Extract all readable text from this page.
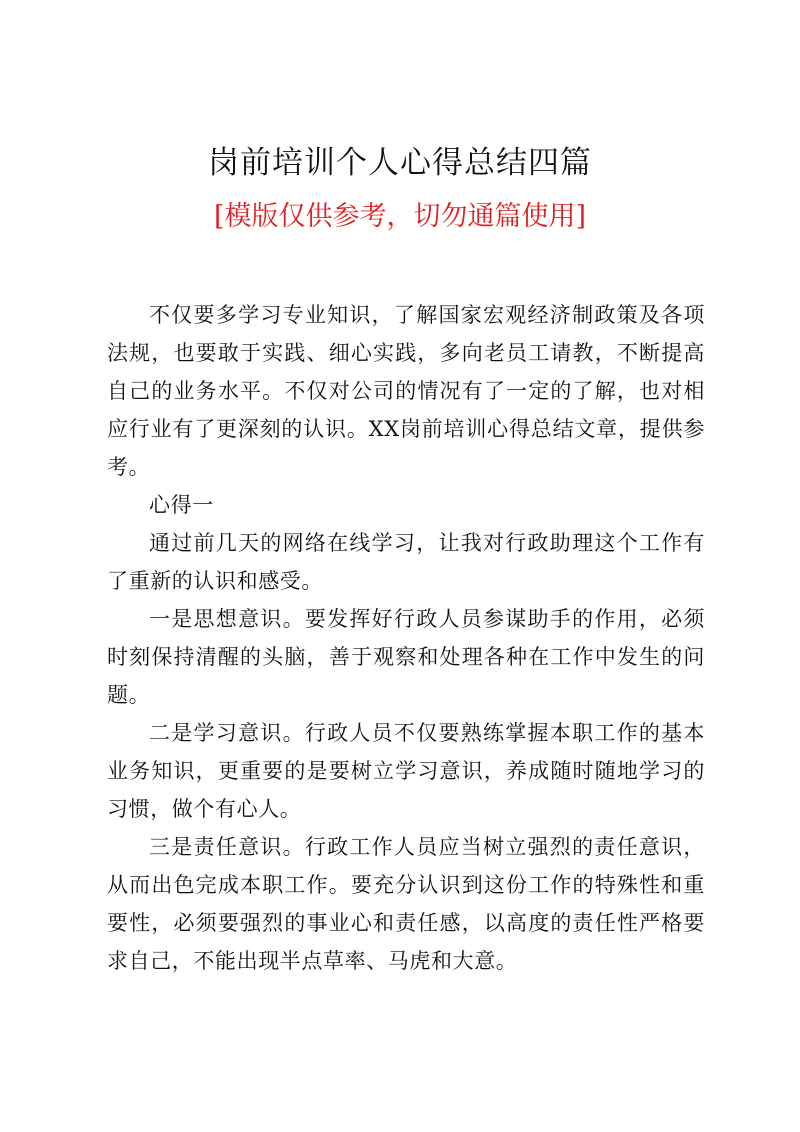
岗前培训个人心得总结四篇
[模版仅供参考，切勿通篇使用]

不仅要多学习专业知识，了解国家宏观经济制政策及各项法规，也要敢于实践、细心实践，多向老员工请教，不断提高自己的业务水平。不仅对公司的情况有了一定的了解，也对相应行业有了更深刻的认识。XX岗前培训心得总结文章，提供参考。

心得一

通过前几天的网络在线学习，让我对行政助理这个工作有了重新的认识和感受。

一是思想意识。要发挥好行政人员参谋助手的作用，必须时刻保持清醒的头脑，善于观察和处理各种在工作中发生的问题。

二是学习意识。行政人员不仅要熟练掌握本职工作的基本业务知识，更重要的是要树立学习意识，养成随时随地学习的习惯，做个有心人。

三是责任意识。行政工作人员应当树立强烈的责任意识，从而出色完成本职工作。要充分认识到这份工作的特殊性和重要性，必须要强烈的事业心和责任感，以高度的责任性严格要求自己，不能出现半点草率、马虎和大意。
